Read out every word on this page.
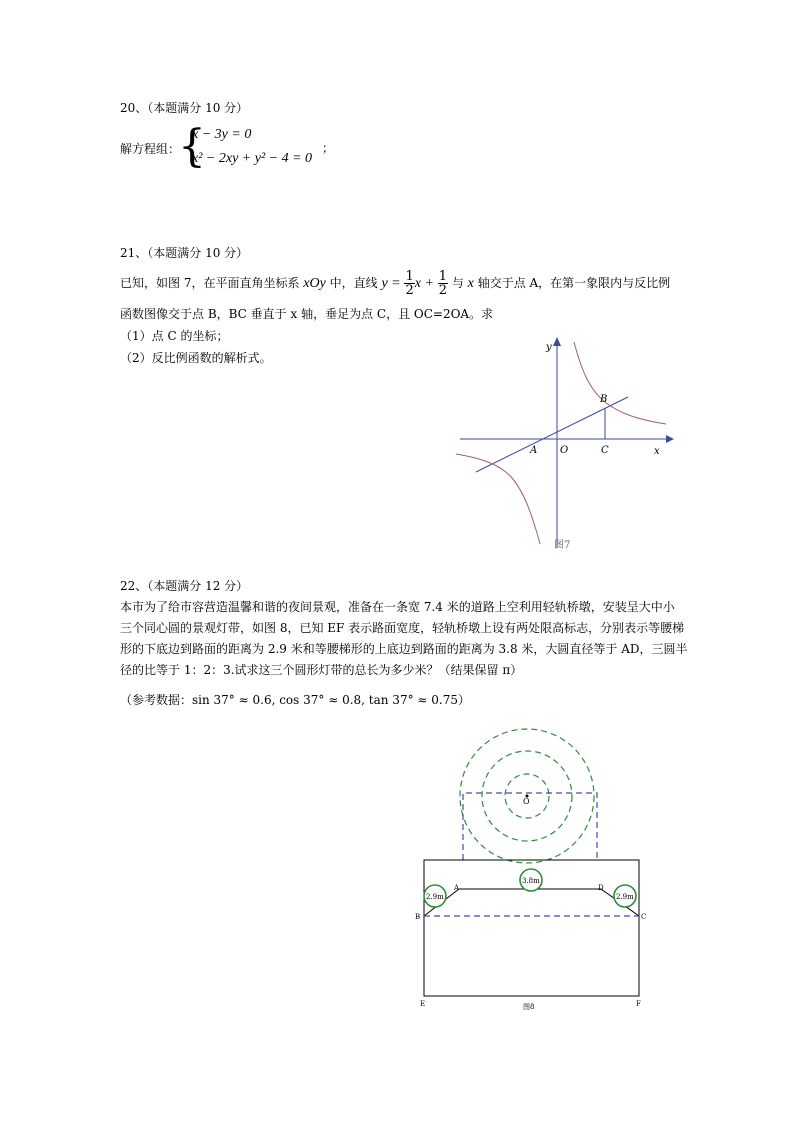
20、（本题满分 10 分）
解方程组：
{
x − 3y = 0
x² − 2xy + y² − 4 = 0
；
21、（本题满分 10 分）
已知，如图 7，在平面直角坐标系 xOy 中，直线 $y = \frac{1}{2}$ $x + \frac{1}{2}$ 与 x 轴交于点 A，在第一象限内与反比例
函数图像交于点 B，BC 垂直于 x 轴，垂足为点 C，且 OC=2OA。求
（1）点 C 的坐标；
（2）反比例函数的解析式。
y
x
A O	C
B
图7
22、（本题满分 12 分）
本市为了给市容营造温馨和谐的夜间景观，准备在一条宽 7.4 米的道路上空利用轻轨桥墩，安装呈大中小
三个同心圆的景观灯带，如图 8，已知 EF 表示路面宽度，轻轨桥墩上设有两处限高标志，分别表示等腰梯
形的下底边到路面的距离为 2.9 米和等腰梯形的上底边到路面的距离为 3.8 米，大圆直径等于 AD，三圆半
径的比等于 1：2：3.试求这三个圆形灯带的总长为多少米？（结果保留 π）
（参考数据：sin 37° ≈ 0.6, cos 37° ≈ 0.8, tan 37° ≈ 0.75）
O
2.9m
3.8m
2.9m
A	D
B	C
E	F
图8
